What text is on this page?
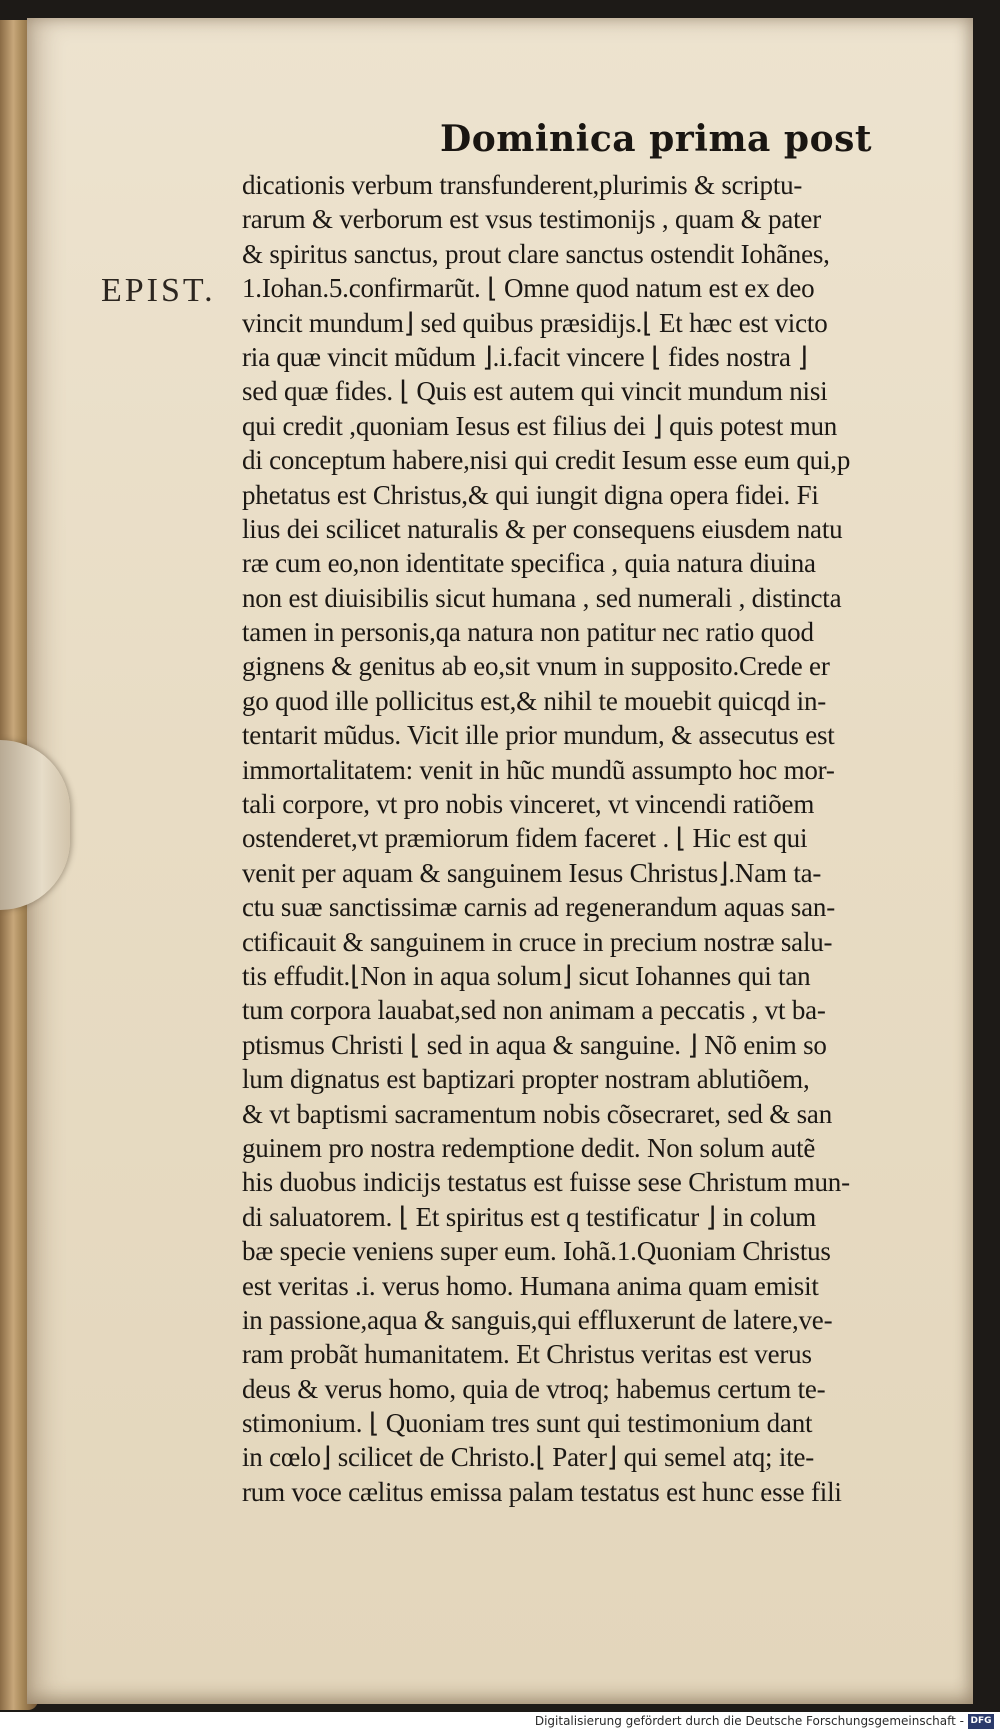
Dominica prima post
EPIST.
dicationis verbum transfunderent,plurimis & scriptu-
rarum & verborum est vsus testimonijs , quam & pater
& spiritus sanctus, prout clare sanctus ostendit Iohãnes,
1.Iohan.5.confirmarũt. ⌊ Omne quod natum est ex deo
vincit mundum⌋ sed quibus præsidijs.⌊ Et hæc est victo
ria quæ vincit mũdum ⌋.i.facit vincere ⌊ fides nostra ⌋
sed quæ fides. ⌊ Quis est autem qui vincit mundum nisi
qui credit ,quoniam Iesus est filius dei ⌋ quis potest mun
di conceptum habere,nisi qui credit Iesum esse eum qui,p
phetatus est Christus,& qui iungit digna opera fidei. Fi
lius dei scilicet naturalis & per consequens eiusdem natu
ræ cum eo,non identitate specifica , quia natura diuina
non est diuisibilis sicut humana , sed numerali , distincta
tamen in personis,qa natura non patitur nec ratio quod
gignens & genitus ab eo,sit vnum in supposito.Crede er
go quod ille pollicitus est,& nihil te mouebit quicqd in-
tentarit mũdus. Vicit ille prior mundum, & assecutus est
immortalitatem: venit in hũc mundũ assumpto hoc mor-
tali corpore, vt pro nobis vinceret, vt vincendi ratiõem
ostenderet,vt præmiorum fidem faceret . ⌊ Hic est qui
venit per aquam & sanguinem Iesus Christus⌋.Nam ta-
ctu suæ sanctissimæ carnis ad regenerandum aquas san-
ctificauit & sanguinem in cruce in precium nostræ salu-
tis effudit.⌊Non in aqua solum⌋ sicut Iohannes qui tan
tum corpora lauabat,sed non animam a peccatis , vt ba-
ptismus Christi ⌊ sed in aqua & sanguine. ⌋ Nõ enim so
lum dignatus est baptizari propter nostram ablutiõem,
& vt baptismi sacramentum nobis cõsecraret, sed & san
guinem pro nostra redemptione dedit. Non solum autẽ
his duobus indicijs testatus est fuisse sese Christum mun-
di saluatorem. ⌊ Et spiritus est q testificatur ⌋ in colum
bæ specie veniens super eum. Iohã.1.Quoniam Christus
est veritas .i. verus homo. Humana anima quam emisit
in passione,aqua & sanguis,qui effluxerunt de latere,ve-
ram probãt humanitatem. Et Christus veritas est verus
deus & verus homo, quia de vtroq; habemus certum te-
stimonium. ⌊ Quoniam tres sunt qui testimonium dant
in cœlo⌋ scilicet de Christo.⌊ Pater⌋ qui semel atq; ite-
rum voce cælitus emissa palam testatus est hunc esse fili
Digitalisierung gefördert durch die Deutsche Forschungsgemeinschaft - DFG
